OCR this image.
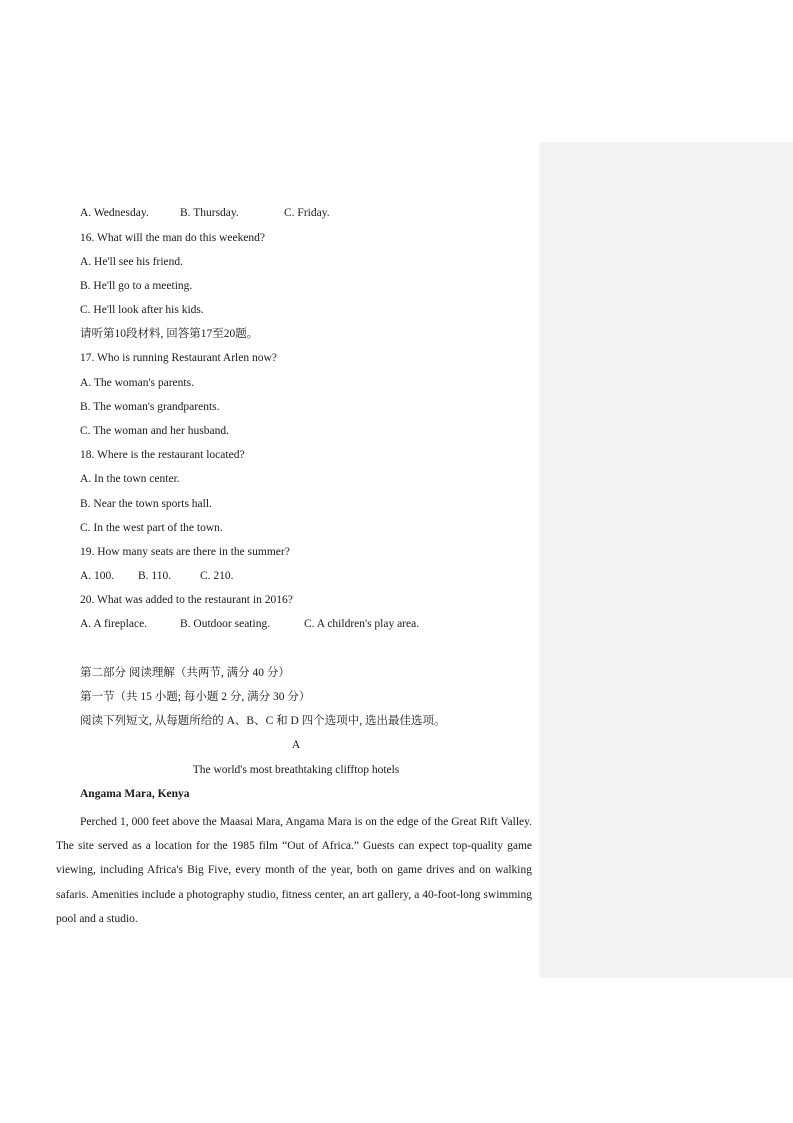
A. Wednesday.	B. Thursday.	C. Friday.
16. What will the man do this weekend?
A. He'll see his friend.
B. He'll go to a meeting.
C. He'll look after his kids.
请听第10段材料, 回答第17至20题。
17. Who is running Restaurant Arlen now?
A. The woman's parents.
B. The woman's grandparents.
C. The woman and her husband.
18. Where is the restaurant located?
A. In the town center.
B. Near the town sports hall.
C. In the west part of the town.
19. How many seats are there in the summer?
A. 100. B. 110.	C. 210.
20. What was added to the restaurant in 2016?
A. A fireplace.	B. Outdoor seating.	C. A children's play area.
第二部分 阅读理解（共两节, 满分 40 分）
第一节（共 15 小题; 每小题 2 分, 满分 30 分）
阅读下列短文, 从每题所给的 A、B、C 和 D 四个选项中, 选出最佳选项。
A
The world's most breathtaking clifftop hotels
Angama Mara, Kenya
Perched 1, 000 feet above the Maasai Mara, Angama Mara is on the edge of the Great Rift Valley. The site served as a location for the 1985 film “Out of Africa.” Guests can expect top-quality game viewing, including Africa's Big Five, every month of the year, both on game drives and on walking safaris. Amenities include a photography studio, fitness center, an art gallery, a 40-foot-long swimming pool and a studio.
